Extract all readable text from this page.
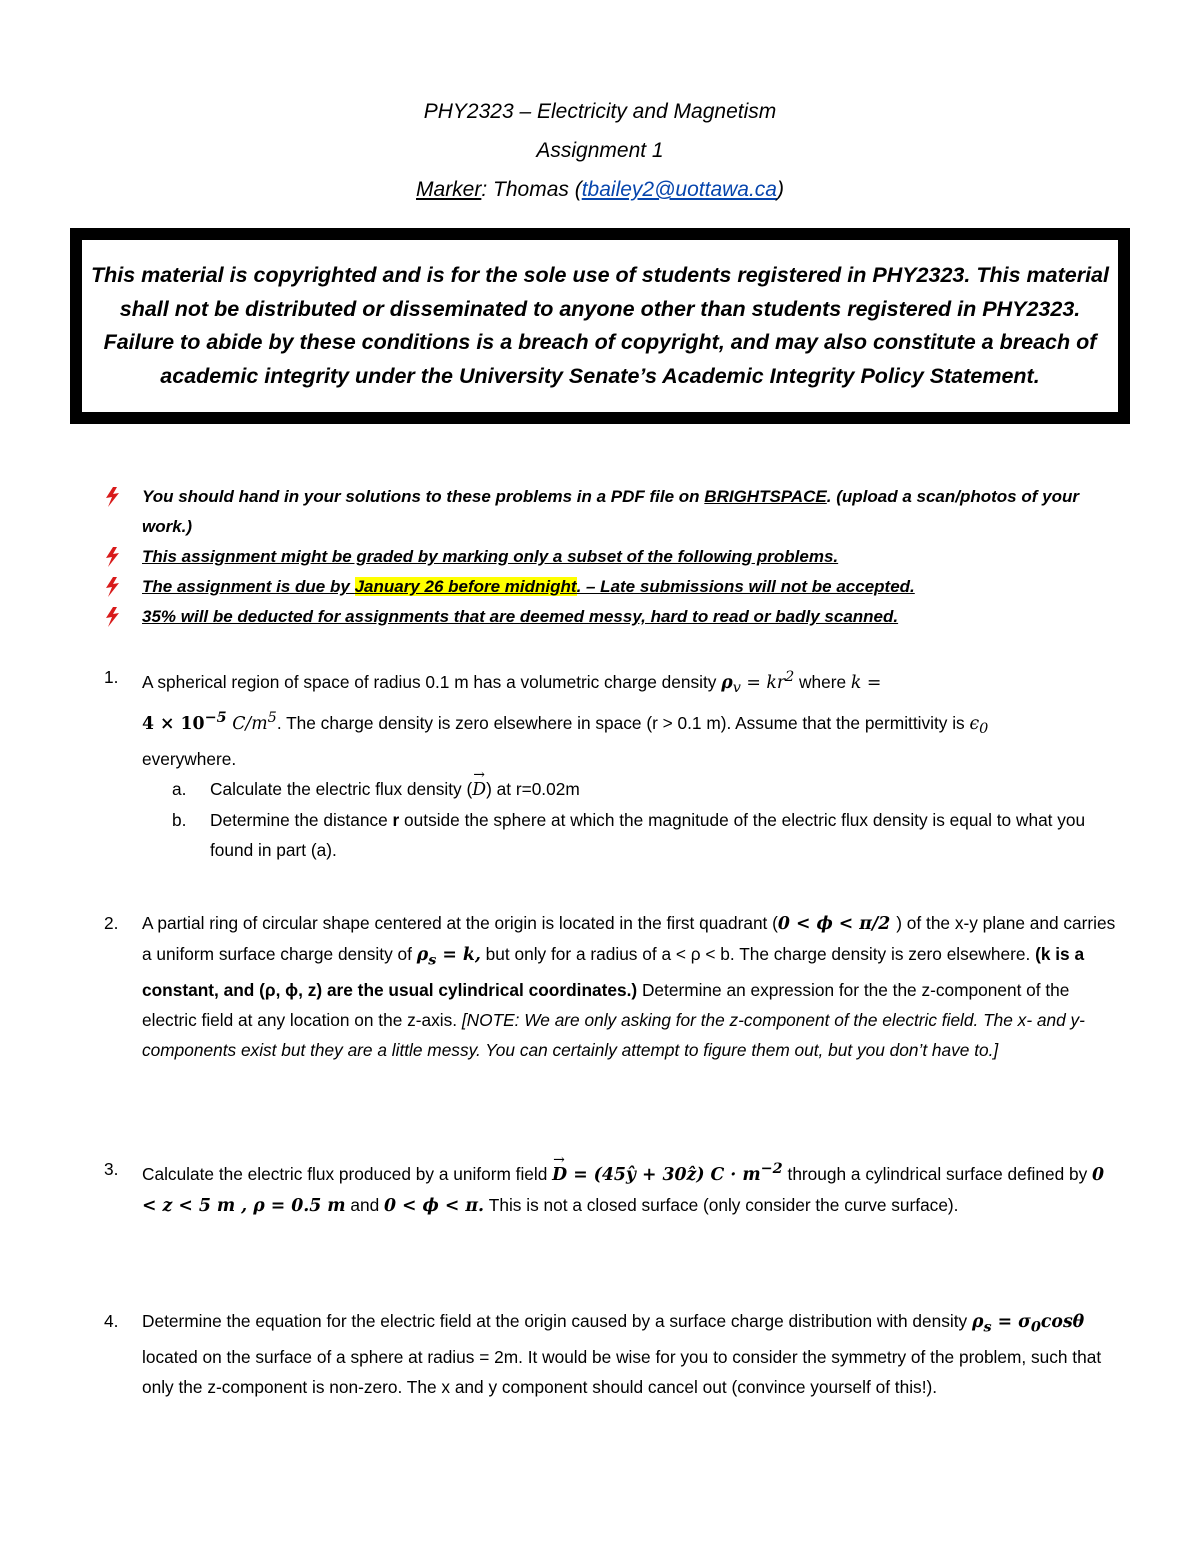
PHY2323 – Electricity and Magnetism
Assignment 1
Marker: Thomas (tbailey2@uottawa.ca)

This material is copyrighted and is for the sole use of students registered in PHY2323. This material shall not be distributed or disseminated to anyone other than students registered in PHY2323. Failure to abide by these conditions is a breach of copyright, and may also constitute a breach of academic integrity under the University Senate’s Academic Integrity Policy Statement.

You should hand in your solutions to these problems in a PDF file on BRIGHTSPACE. (upload a scan/photos of your work.)
This assignment might be graded by marking only a subset of the following problems.
The assignment is due by January 26 before midnight. – Late submissions will not be accepted.
35% will be deducted for assignments that are deemed messy, hard to read or badly scanned.
1.	A spherical region of space of radius 0.1 m has a volumetric charge density $\rho_v = kr^2$ where k =
$4 \times 10^{-5}$ $C/m^5$. The charge density is zero elsewhere in space (r > 0.1 m). Assume that the permittivity is $\epsilon_0$
everywhere.
a.	Calculate the electric flux density (→ D) at r=0.02m
b.	Determine the distance r outside the sphere at which the magnitude of the electric flux density is equal to what you found in part (a).
2.	A partial ring of circular shape centered at the origin is located in the first quadrant (0 < ϕ < π/2 ) of the x-y plane and carries a uniform surface charge density of $\rho_s = k$, but only for a radius of a < ρ < b. The charge density is zero elsewhere. (k is a constant, and (ρ, ϕ, z) are the usual cylindrical coordinates.) Determine an expression for the the z-component of the electric field at any location on the z-axis. [NOTE: We are only asking for the z-component of the electric field. The x- and y-components exist but they are a little messy. You can certainly attempt to figure them out, but you don’t have to.]
3.	Calculate the electric flux produced by a uniform field → D = (45ŷ + 30ẑ) $C \cdot m^{-2}$ through a cylindrical surface defined by 0 < z < 5 m , ρ = 0.5 m and 0 < ϕ < π. This is not a closed surface (only consider the curve surface).
4.	Determine the equation for the electric field at the origin caused by a surface charge distribution with density $\rho_s = \sigma_0\cos\theta$ located on the surface of a sphere at radius = 2m. It would be wise for you to consider the symmetry of the problem, such that only the z-component is non-zero. The x and y component should cancel out (convince yourself of this!).
